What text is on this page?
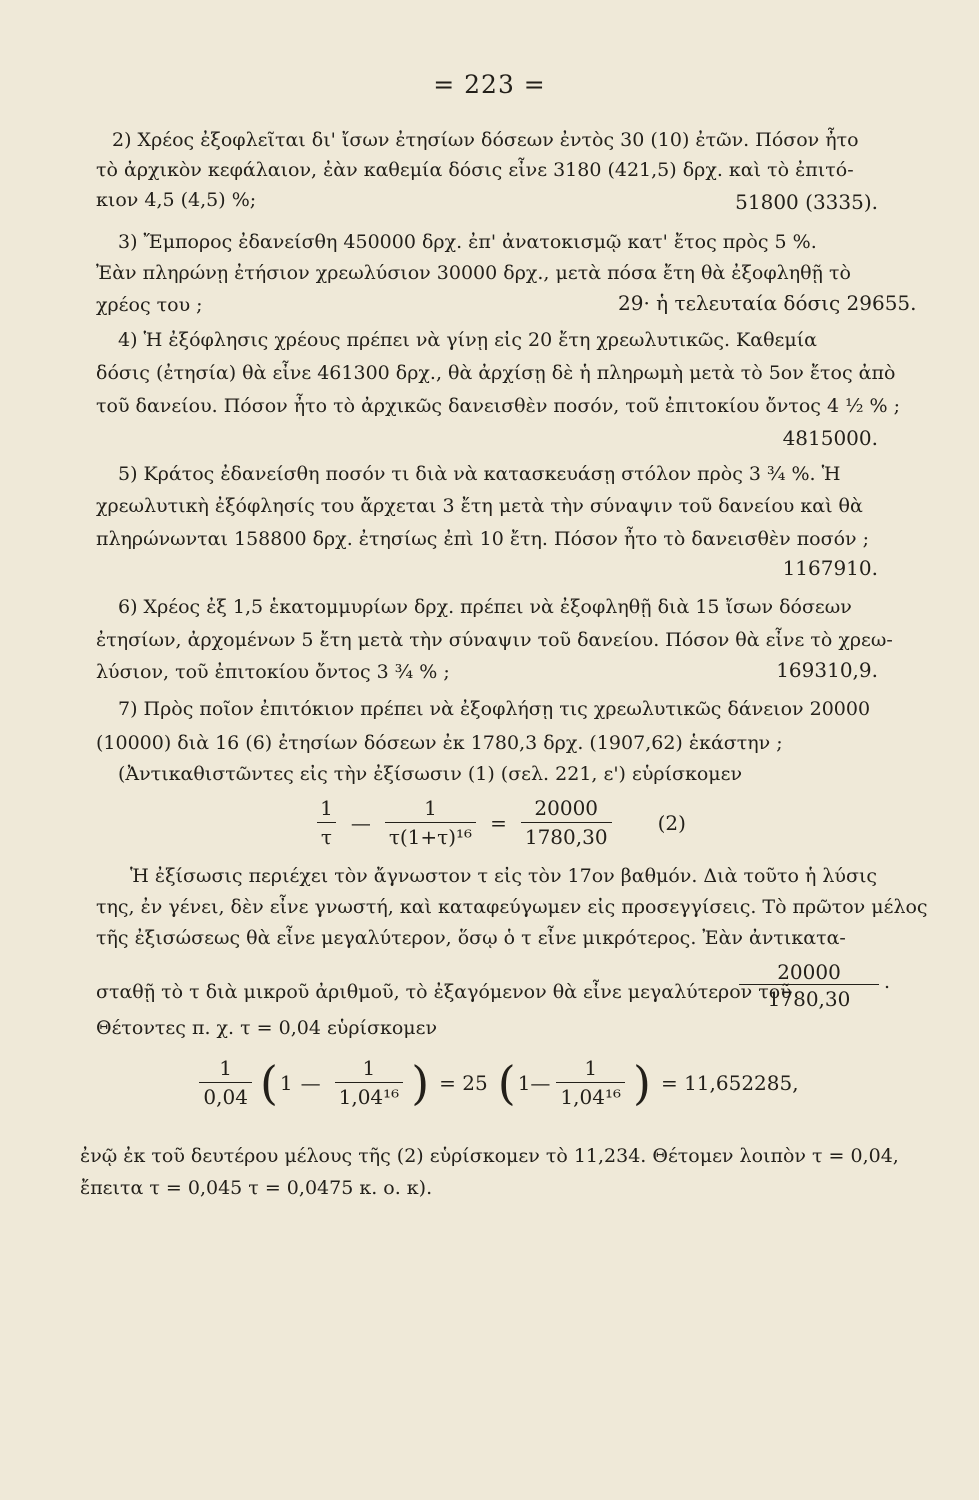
= 223 =
2) Χρέος ἐξοφλεῖται δι' ἴσων ἐτησίων δόσεων ἐντὸς 30 (10) ἐτῶν. Πόσον ἦτο
τὸ ἀρχικὸν κεφάλαιον, ἐὰν καθεμία δόσις εἶνε 3180 (421,5) δρχ. καὶ τὸ ἐπιτό-
κιον 4,5 (4,5) %;	51800 (3335).
3) Ἔμπορος ἐδανείσθη 450000 δρχ. ἐπ' ἀνατοκισμῷ κατ' ἔτος πρὸς 5 %.
Ἐὰν πληρώνῃ ἐτήσιον χρεωλύσιον 30000 δρχ., μετὰ πόσα ἔτη θὰ ἐξοφληθῇ τὸ
χρέος του ;	29· ἡ τελευταία δόσις 29655.
4) Ἡ ἐξόφλησις χρέους πρέπει νὰ γίνῃ εἰς 20 ἔτη χρεωλυτικῶς. Καθεμία
δόσις (ἐτησία) θὰ εἶνε 461300 δρχ., θὰ ἀρχίσῃ δὲ ἡ πληρωμὴ μετὰ τὸ 5ον ἔτος ἀπὸ
τοῦ δανείου. Πόσον ἦτο τὸ ἀρχικῶς δανεισθὲν ποσόν, τοῦ ἐπιτοκίου ὄντος 4 ½ % ;
4815000.
5) Κράτος ἐδανείσθη ποσόν τι διὰ νὰ κατασκευάσῃ στόλον πρὸς 3 ¾ %. Ἡ
χρεωλυτικὴ ἐξόφλησίς του ἄρχεται 3 ἔτη μετὰ τὴν σύναψιν τοῦ δανείου καὶ θὰ
πληρώνωνται 158800 δρχ. ἐτησίως ἐπὶ 10 ἔτη. Πόσον ἦτο τὸ δανεισθὲν ποσόν ;
1167910.
6) Χρέος ἐξ 1,5 ἑκατομμυρίων δρχ. πρέπει νὰ ἐξοφληθῇ διὰ 15 ἴσων δόσεων
ἐτησίων, ἀρχομένων 5 ἔτη μετὰ τὴν σύναψιν τοῦ δανείου. Πόσον θὰ εἶνε τὸ χρεω-
λύσιον, τοῦ ἐπιτοκίου ὄντος 3 ¾ % ;	169310,9.
7) Πρὸς ποῖον ἐπιτόκιον πρέπει νὰ ἐξοφλήσῃ τις χρεωλυτικῶς δάνειον 20000
(10000) διὰ 16 (6) ἐτησίων δόσεων ἐκ 1780,3 δρχ. (1907,62) ἑκάστην ;
(Ἀντικαθιστῶντες εἰς τὴν ἐξίσωσιν (1) (σελ. 221, ε') εὑρίσκομεν
$\frac{1}{\tau}$ — $\frac{1}{\text{τ(1+τ)¹⁶}} = \frac{20000}{1780,30} (2)$
Ἡ ἐξίσωσις περιέχει τὸν ἄγνωστον τ εἰς τὸν 17ον βαθμόν. Διὰ τοῦτο ἡ λύσις
της, ἐν γένει, δὲν εἶνε γνωστή, καὶ καταφεύγωμεν εἰς προσεγγίσεις. Τὸ πρῶτον μέλος
τῆς ἐξισώσεως θὰ εἶνε μεγαλύτερον, ὅσῳ ὁ τ εἶνε μικρότερος. Ἐὰν ἀντικατα-
σταθῇ τὸ τ διὰ μικροῦ ἀριθμοῦ, τὸ ἐξαγόμενον θὰ εἶνε μεγαλύτερον τοῦ
20000
1780,30
.
Θέτοντες π. χ. τ = 0,04 εὑρίσκομεν
$\frac{1}{0,04}$ ( 1 — $\frac{1}{\text{1,04¹⁶}}$ ) = 25 ( 1— $\frac{1}{\text{1,04¹⁶}}$ ) = 11,652285,
ἐνῷ ἐκ τοῦ δευτέρου μέλους τῆς (2) εὑρίσκομεν τὸ 11,234. Θέτομεν λοιπὸν τ = 0,04,
ἔπειτα τ = 0,045 τ = 0,0475 κ. ο. κ).
